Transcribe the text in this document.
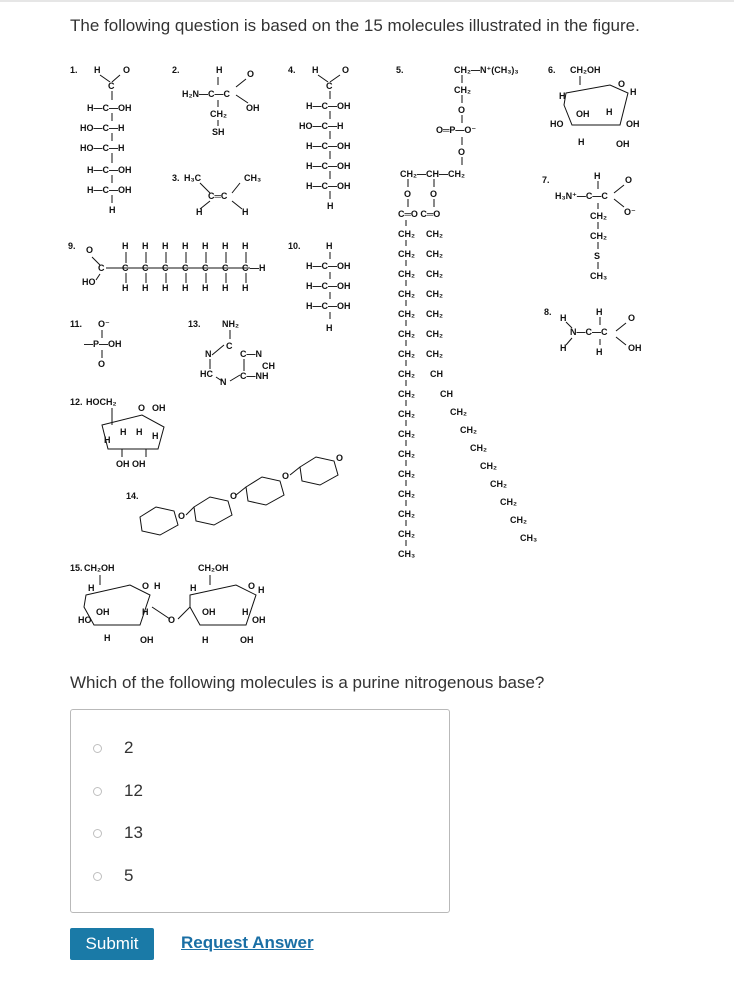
The following question is based on the 15 molecules illustrated in the figure.
1. H	O
C
H—C—OH
HO—C—H
HO—C—H
H—C—OH
H—C—OH
H
2.	H	O
H₂N—C—C
OH
CH₂
SH
3. H₃C	CH₃
C═C
H	H
4. H	O
C
H—C—OH
HO—C—H
H—C—OH
H—C—OH
H—C—OH
H
5.	CH₂—N⁺(CH₃)₃
CH₂
O
O═P—O⁻
O
CH₂—CH—CH₂
O O
C═O C═O
CH₂
CH₂
CH₂
CH₂
CH₂
CH₂
CH₂
CH₂
CH₂
CH₂
CH₂
CH₂
CH₂
CH₂
CH₂
CH₂
CH₃
CH₂
CH₂
CH₂
CH₂
CH₂
CH₂
CH₂
CH
CH
CH₂
CH₂
CH₂
CH₂
CH₂
CH₂
CH₂
CH₃
6. CH₂OH
H
O
H
OH
HO
H
OH
H	OH
7.	H
H₃N⁺—C—C
O
O⁻
CH₂
CH₂
S
CH₃
8.	H
H
N—C—C
H	H
O
OH
9. O
C
HO
H H H H H H H
H H H H H H H
C C C C C C C —H
10.	H
H—C—OH
H—C—OH
H—C—OH
H
11. O⁻
—P—OH
O
12. HOCH₂
O OH
H
H H H
OH OH
13. NH₂
N
C
C—N
CH
HC
N
C—NH
14.
O
O
O
O
15. CH₂OH
O H
H
OH
HO
H
H	OH
O
CH₂OH
O H
H
OH	H
OH
H	OH
Which of the following molecules is a purine nitrogenous base?
2
12
13
5
Submit	Request Answer
